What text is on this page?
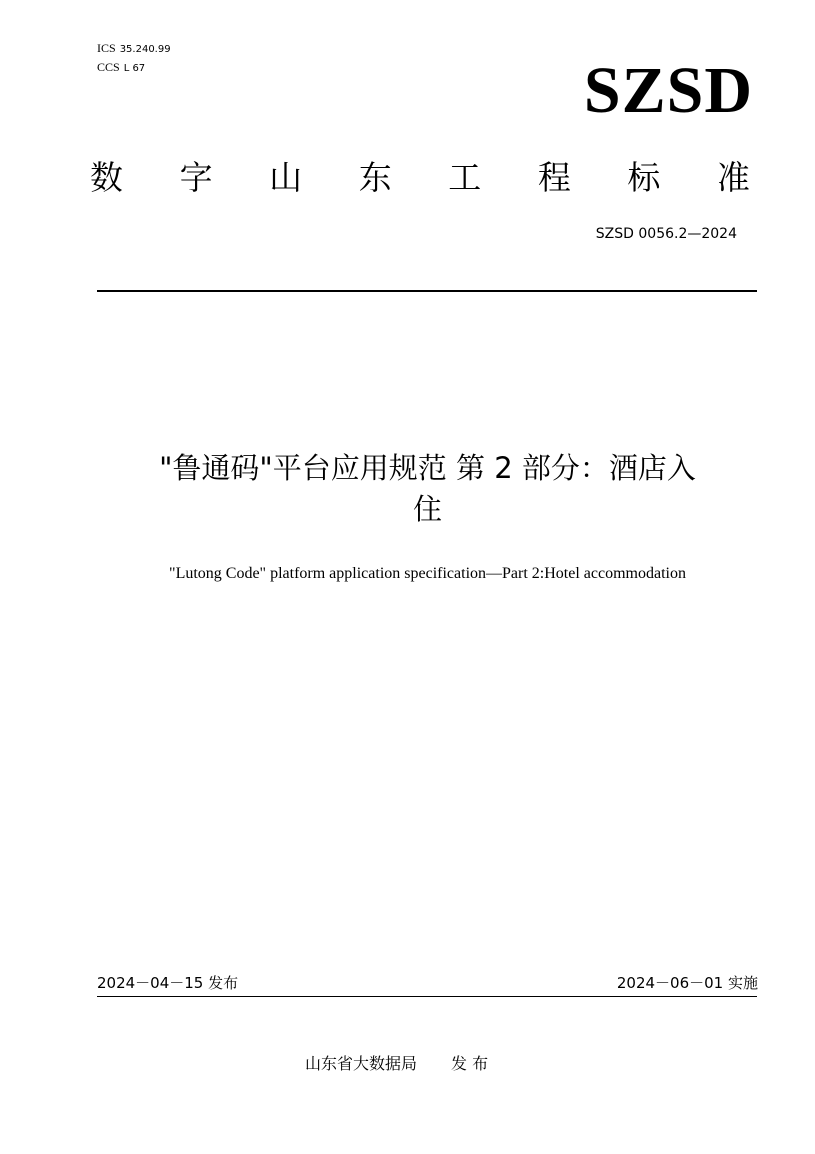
ICS 35.240.99
CCS L 67	SZSD
数 字 山 东 工 程 标 准
SZSD 0056.2—2024
"鲁通码"平台应用规范 第 2 部分：酒店入
住
"Lutong Code" platform application specification—Part 2:Hotel accommodation
2024－04－15 发布	2024－06－01 实施
山东省大数据局 发 布
